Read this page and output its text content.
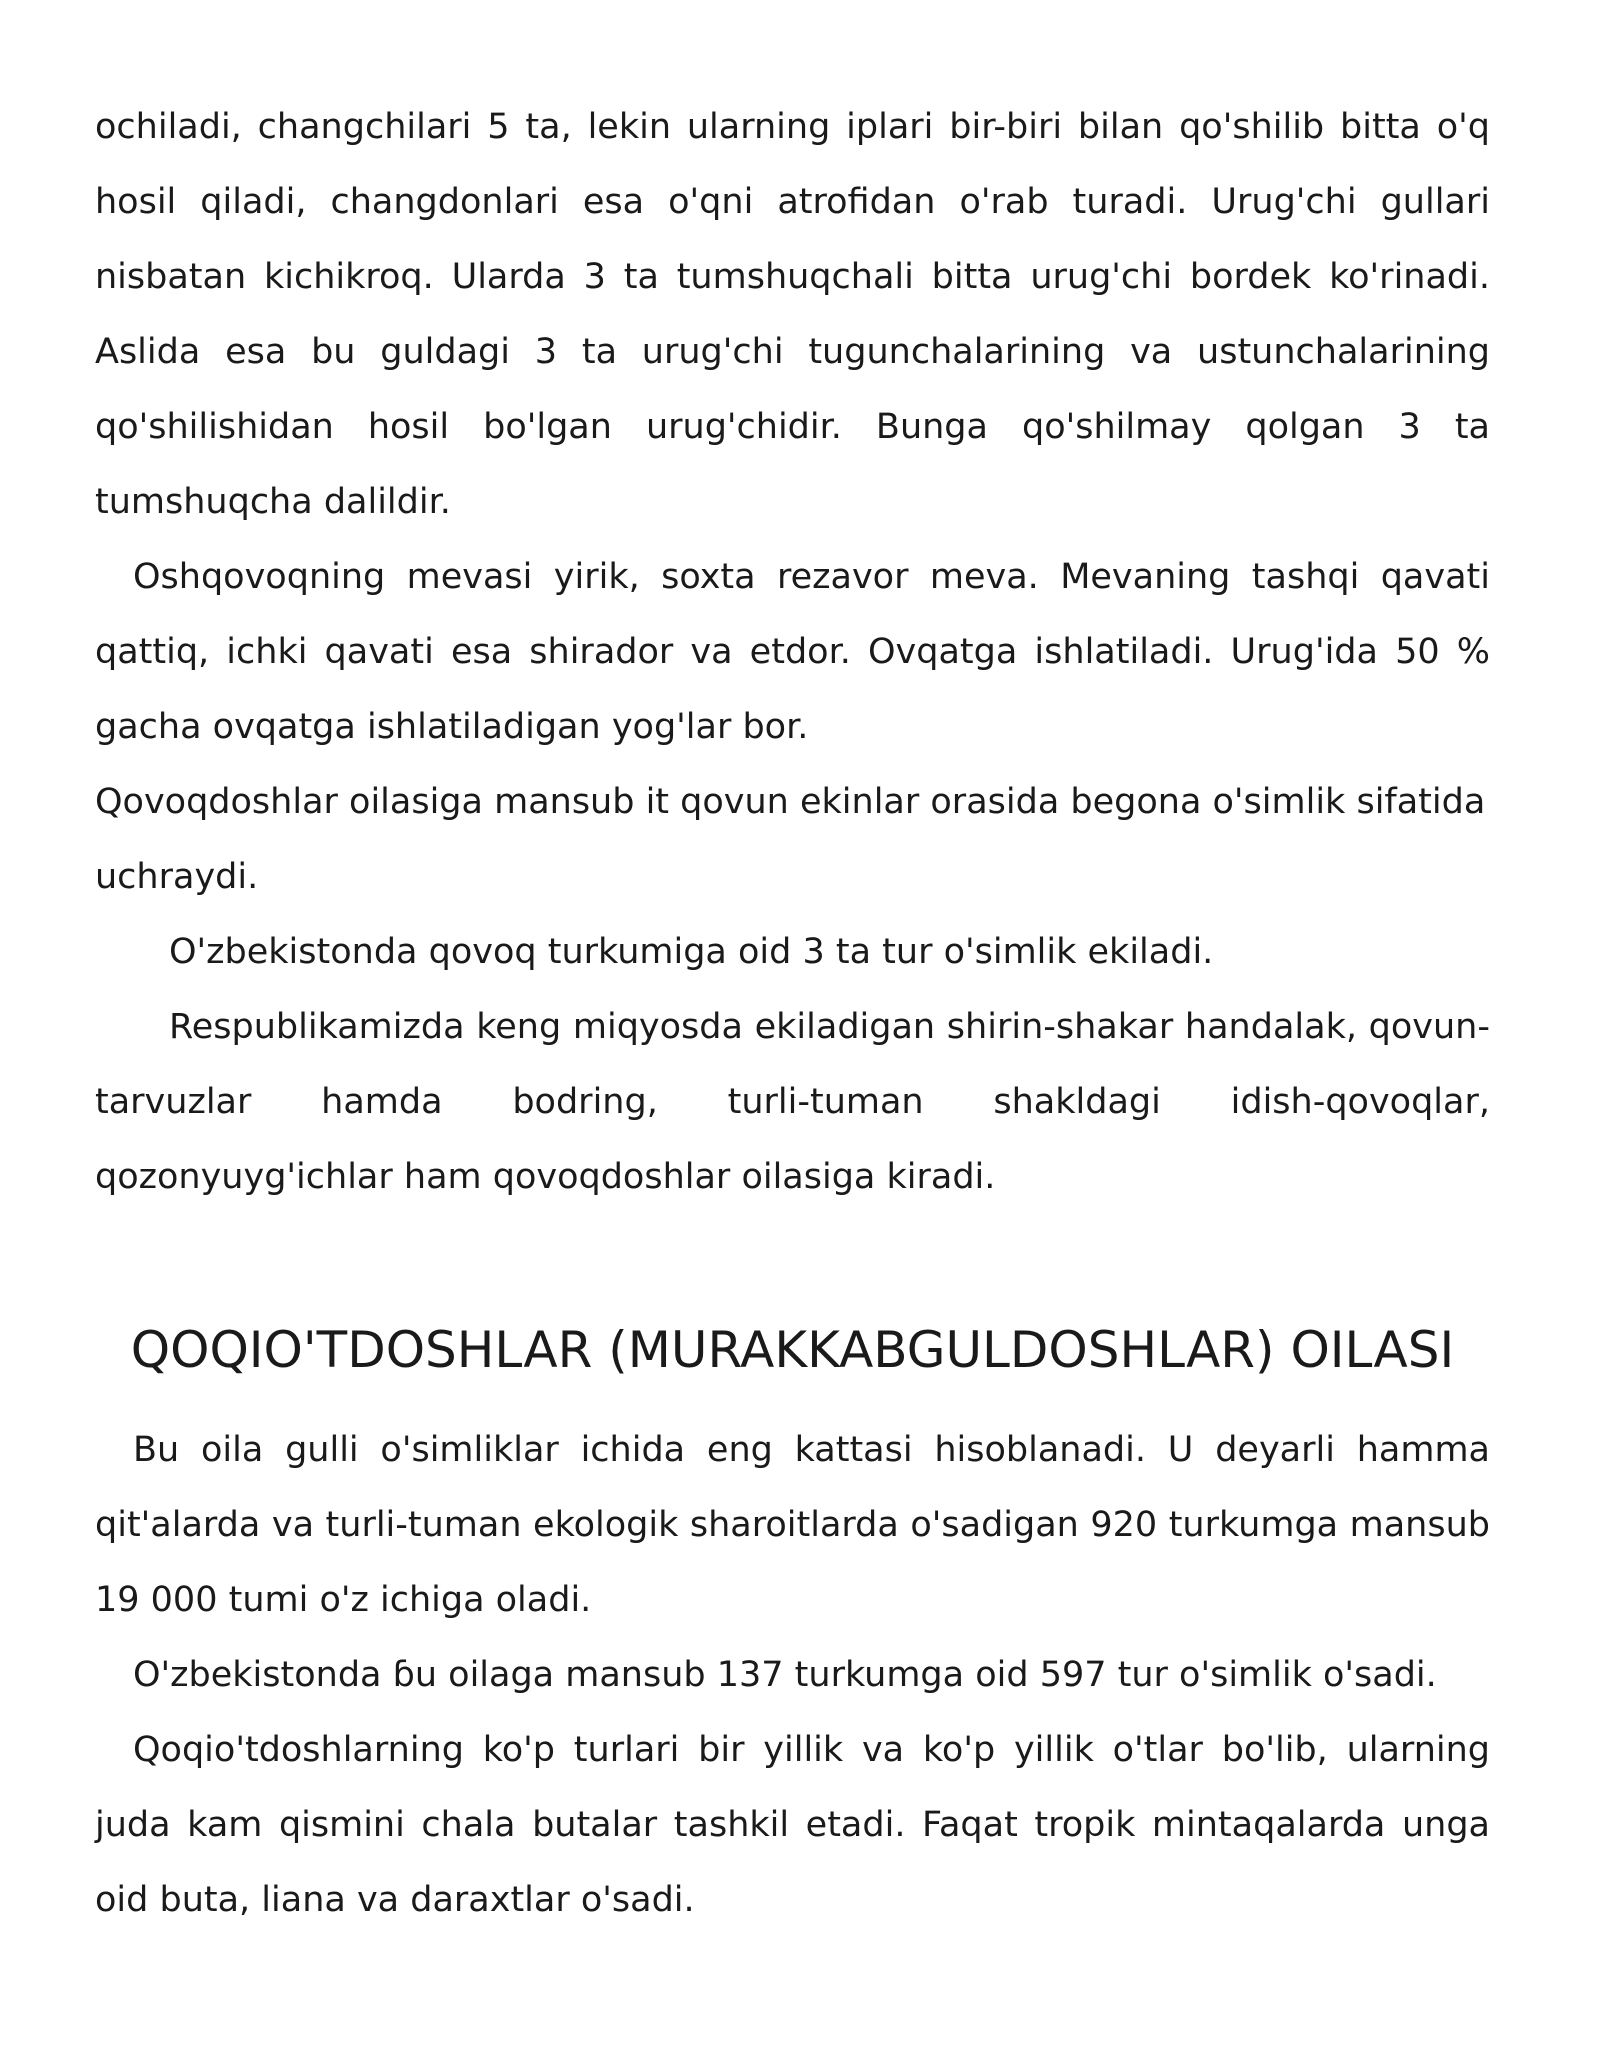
ochiladi, changchilari 5 ta, lekin ularning iplari bir-biri bilan qo'shilib bitta o'q hosil qiladi, changdonlari esa o'qni atrofidan o'rab turadi. Urug'chi gullari nisbatan kichikroq. Ularda 3 ta tumshuqchali bitta urug'chi bordek ko'rinadi. Aslida esa bu guldagi 3 ta urug'chi tugunchalarining va ustunchalarining qo'shilishidan hosil bo'lgan urug'chidir. Bunga qo'shilmay qolgan 3 ta tumshuqcha dalildir.

Oshqovoqning mevasi yirik, soxta rezavor meva. Mevaning tashqi qavati qattiq, ichki qavati esa shirador va etdor. Ovqatga ishlatiladi. Urug'ida 50 % gacha ovqatga ishlatiladigan yog'lar bor.

Qovoqdoshlar oilasiga mansub it qovun ekinlar orasida begona o'simlik sifatida uchraydi.

O'zbekistonda qovoq turkumiga oid 3 ta tur o'simlik ekiladi.

Respublikamizda keng miqyosda ekiladigan shirin-shakar handalak, qovun-tarvuzlar hamda bodring, turli-tuman shakldagi idish-qovoqlar, qozonyuyg'ichlar ham qovoqdoshlar oilasiga kiradi.

QOQIO'TDOSHLAR (MURAKKABGULDOSHLAR) OILASI

Bu oila gulli o'simliklar ichida eng kattasi hisoblanadi. U deyarli hamma qit'alarda va turli-tuman ekologik sharoitlarda o'sadigan 920 turkumga mansub 19 000 tumi o'z ichiga oladi.

O'zbekistonda ɓu oilaga mansub 137 turkumga oid 597 tur o'simlik o'sadi.

Qoqio'tdoshlarning ko'p turlari bir yillik va ko'p yillik o'tlar bo'lib, ularning juda kam qismini chala butalar tashkil etadi. Faqat tropik mintaqalarda unga oid buta, liana va daraxtlar o'sadi.
